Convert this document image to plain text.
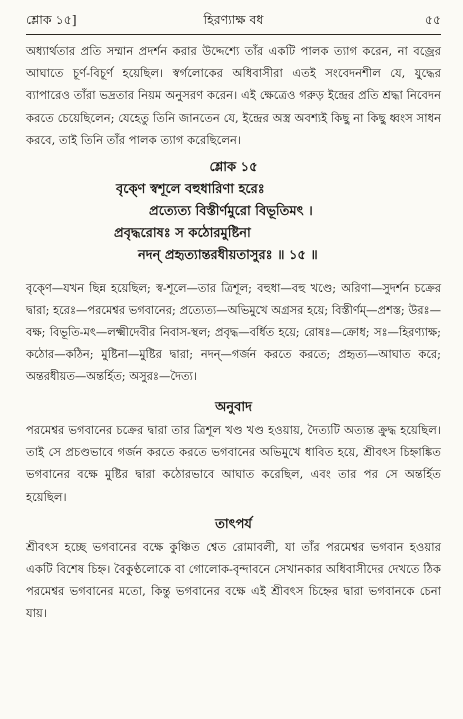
শ্লোক ১৫]	হিরণ্যাক্ষ বধ	৫৫

অধ্যার্থতার প্রতি সম্মান প্রদর্শন করার উদ্দেশ্যে তাঁর একটি পালক ত্যাগ করেন, না বজ্রের আঘাতে চূর্ণ-বিচূর্ণ হয়েছিল। স্বর্গলোকের অধিবাসীরা এতই সংবেদনশীল যে, যুদ্ধের ব্যাপারেও তাঁরা ভদ্রতার নিয়ম অনুসরণ করেন। এই ক্ষেত্রেও গরুড় ইন্দ্রের প্রতি শ্রদ্ধা নিবেদন করতে চেয়েছিলেন; যেহেতু তিনি জানতেন যে, ইন্দ্রের অস্ত্র অবশ্যই কিছু না কিছু ধ্বংস সাধন করবে, তাই তিনি তাঁর পালক ত্যাগ করেছিলেন।

শ্লোক ১৫
বৃক্ণে স্বশূলে বহুধারিণা হরেঃ
প্রত্যেত্য বিস্তীর্ণমুরো বিভূতিমৎ ।
প্রবৃদ্ধরোষঃ স কঠোরমুষ্টিনা
নদন্ প্রহৃত্যান্তরধীয়তাসুরঃ ॥ ১৫ ॥

বৃক্ণে—যখন ছিন্ন হয়েছিল; স্ব-শূলে—তার ত্রিশূল; বহুধা—বহু খণ্ডে; অরিণা—সুদর্শন চক্রের দ্বারা; হরেঃ—পরমেশ্বর ভগবানের; প্রত্যেত্য—অভিমুখে অগ্রসর হয়ে; বিস্তীর্ণম্—প্রশস্ত; উরঃ—বক্ষ; বিভূতি-মৎ—লক্ষ্মীদেবীর নিবাস-স্থল; প্রবৃদ্ধ—বর্ধিত হয়ে; রোষঃ—ক্রোধ; সঃ—হিরণ্যাক্ষ; কঠোর—কঠিন; মুষ্টিনা—মুষ্টির দ্বারা; নদন্—গর্জন করতে করতে; প্রহৃত্য—আঘাত করে; অন্তরধীয়ত—অন্তর্হিত; অসুরঃ—দৈত্য।

অনুবাদ

পরমেশ্বর ভগবানের চক্রের দ্বারা তার ত্রিশূল খণ্ড খণ্ড হওয়ায়, দৈত্যটি অত্যন্ত ক্রুদ্ধ হয়েছিল। তাই সে প্রচণ্ডভাবে গর্জন করতে করতে ভগবানের অভিমুখে ধাবিত হয়ে, শ্রীবৎস চিহ্নাঙ্কিত ভগবানের বক্ষে মুষ্টির দ্বারা কঠোরভাবে আঘাত করেছিল, এবং তার পর সে অন্তর্হিত হয়েছিল।

তাৎপর্য

শ্রীবৎস হচ্ছে ভগবানের বক্ষে কুঞ্চিত শ্বেত রোমাবলী, যা তাঁর পরমেশ্বর ভগবান হওয়ার একটি বিশেষ চিহ্ন। বৈকুণ্ঠলোকে বা গোলোক-বৃন্দাবনে সেখানকার অধিবাসীদের দেখতে ঠিক পরমেশ্বর ভগবানের মতো, কিন্তু ভগবানের বক্ষে এই শ্রীবৎস চিহ্নের দ্বারা ভগবানকে চেনা যায়।
